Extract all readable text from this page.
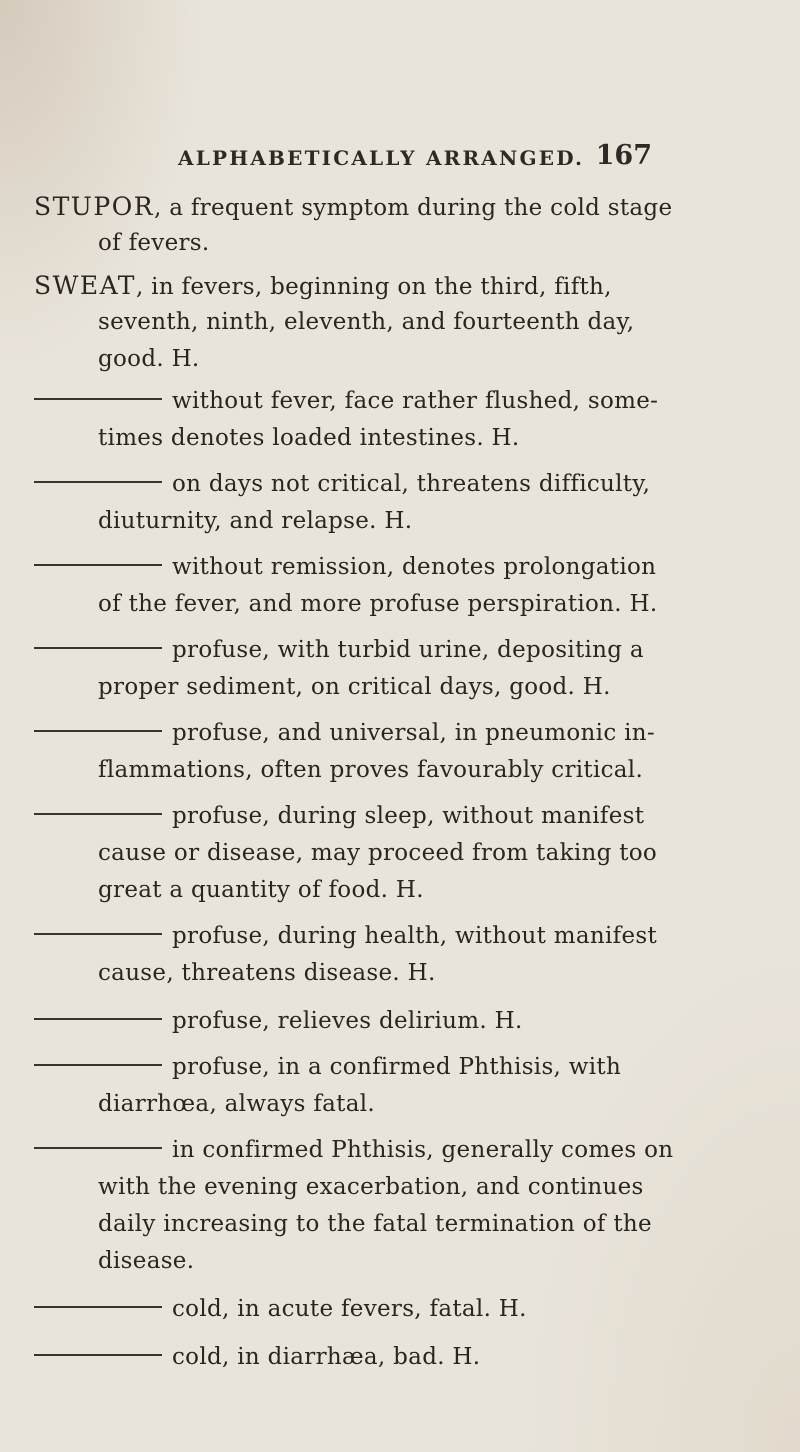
ALPHABETICALLY ARRANGED. 167
STUPOR, a frequent symptom during the cold stage
of fevers.
SWEAT, in fevers, beginning on the third, fifth,
seventh, ninth, eleventh, and fourteenth day,
good. H.
without fever, face rather flushed, some-
times denotes loaded intestines. H.
on days not critical, threatens difficulty,
diuturnity, and relapse. H.
without remission, denotes prolongation
of the fever, and more profuse perspiration. H.
profuse, with turbid urine, depositing a
proper sediment, on critical days, good. H.
profuse, and universal, in pneumonic in-
flammations, often proves favourably critical.
profuse, during sleep, without manifest
cause or disease, may proceed from taking too
great a quantity of food. H.
profuse, during health, without manifest
cause, threatens disease. H.
profuse, relieves delirium. H.
profuse, in a confirmed Phthisis, with
diarrhœa, always fatal.
in confirmed Phthisis, generally comes on
with the evening exacerbation, and continues
daily increasing to the fatal termination of the
disease.
cold, in acute fevers, fatal. H.
cold, in diarrhæa, bad. H.
